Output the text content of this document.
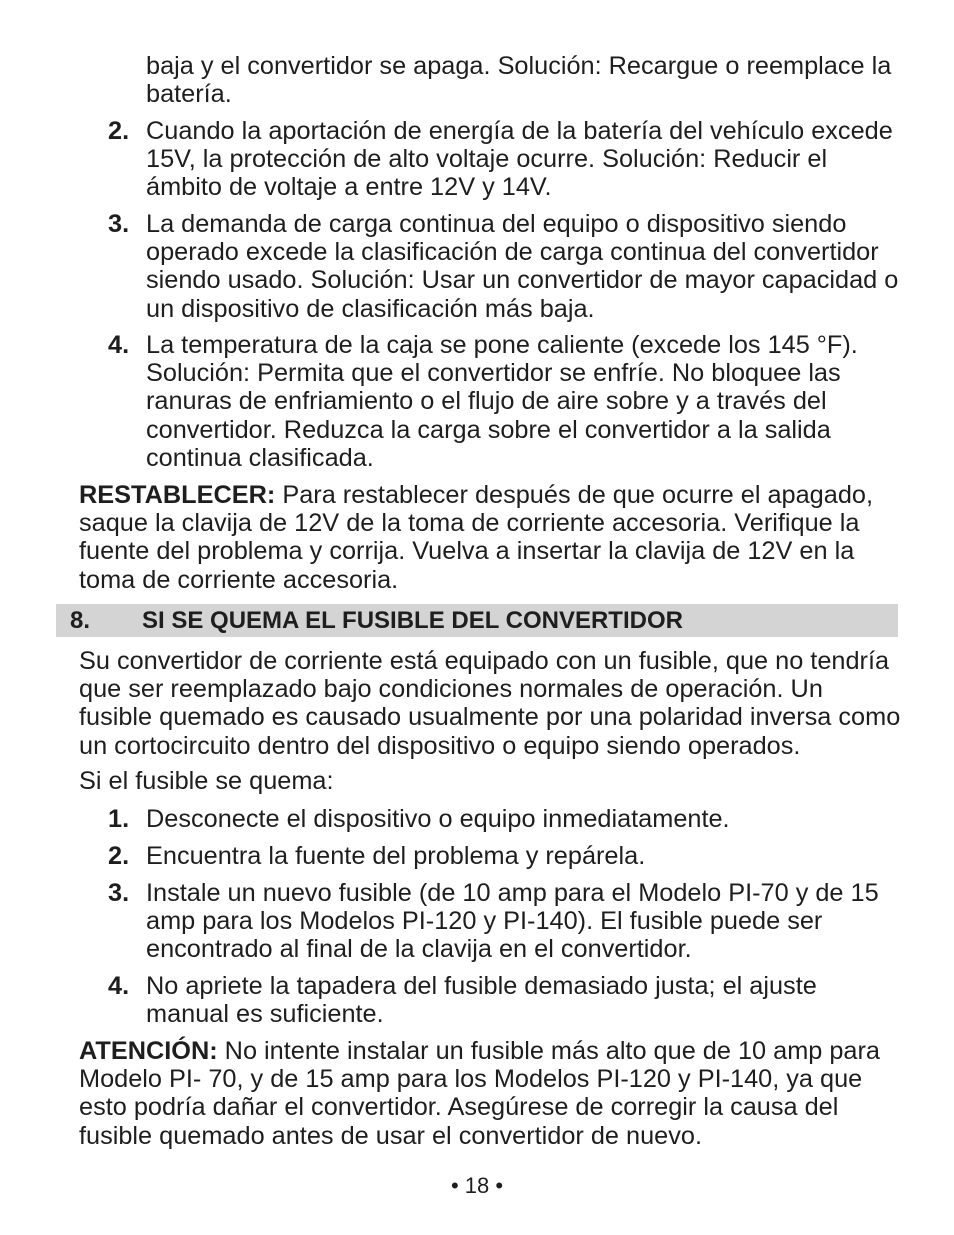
baja y el convertidor se apaga. Solución: Recargue o reemplace la batería.

2. Cuando la aportación de energía de la batería del vehículo excede 15V, la protección de alto voltaje ocurre. Solución: Reducir el ámbito de voltaje a entre 12V y 14V.

3. La demanda de carga continua del equipo o dispositivo siendo operado excede la clasificación de carga continua del convertidor siendo usado. Solución: Usar un convertidor de mayor capacidad o un dispositivo de clasificación más baja.

4. La temperatura de la caja se pone caliente (excede los 145 °F). Solución: Permita que el convertidor se enfríe. No bloquee las ranuras de enfriamiento o el flujo de aire sobre y a través del convertidor. Reduzca la carga sobre el convertidor a la salida continua clasificada.

RESTABLECER: Para restablecer después de que ocurre el apagado, saque la clavija de 12V de la toma de corriente accesoria. Verifique la fuente del problema y corrija. Vuelva a insertar la clavija de 12V en la toma de corriente accesoria.

8. SI SE QUEMA EL FUSIBLE DEL CONVERTIDOR

Su convertidor de corriente está equipado con un fusible, que no tendría que ser reemplazado bajo condiciones normales de operación. Un fusible quemado es causado usualmente por una polaridad inversa como un cortocircuito dentro del dispositivo o equipo siendo operados.

Si el fusible se quema:

1. Desconecte el dispositivo o equipo inmediatamente.

2. Encuentra la fuente del problema y repárela.

3. Instale un nuevo fusible (de 10 amp para el Modelo PI-70 y de 15 amp para los Modelos PI-120 y PI-140). El fusible puede ser encontrado al final de la clavija en el convertidor.

4. No apriete la tapadera del fusible demasiado justa; el ajuste manual es suficiente.

ATENCIÓN: No intente instalar un fusible más alto que de 10 amp para Modelo PI- 70, y de 15 amp para los Modelos PI-120 y PI-140, ya que esto podría dañar el convertidor. Asegúrese de corregir la causa del fusible quemado antes de usar el convertidor de nuevo.

• 18 •
